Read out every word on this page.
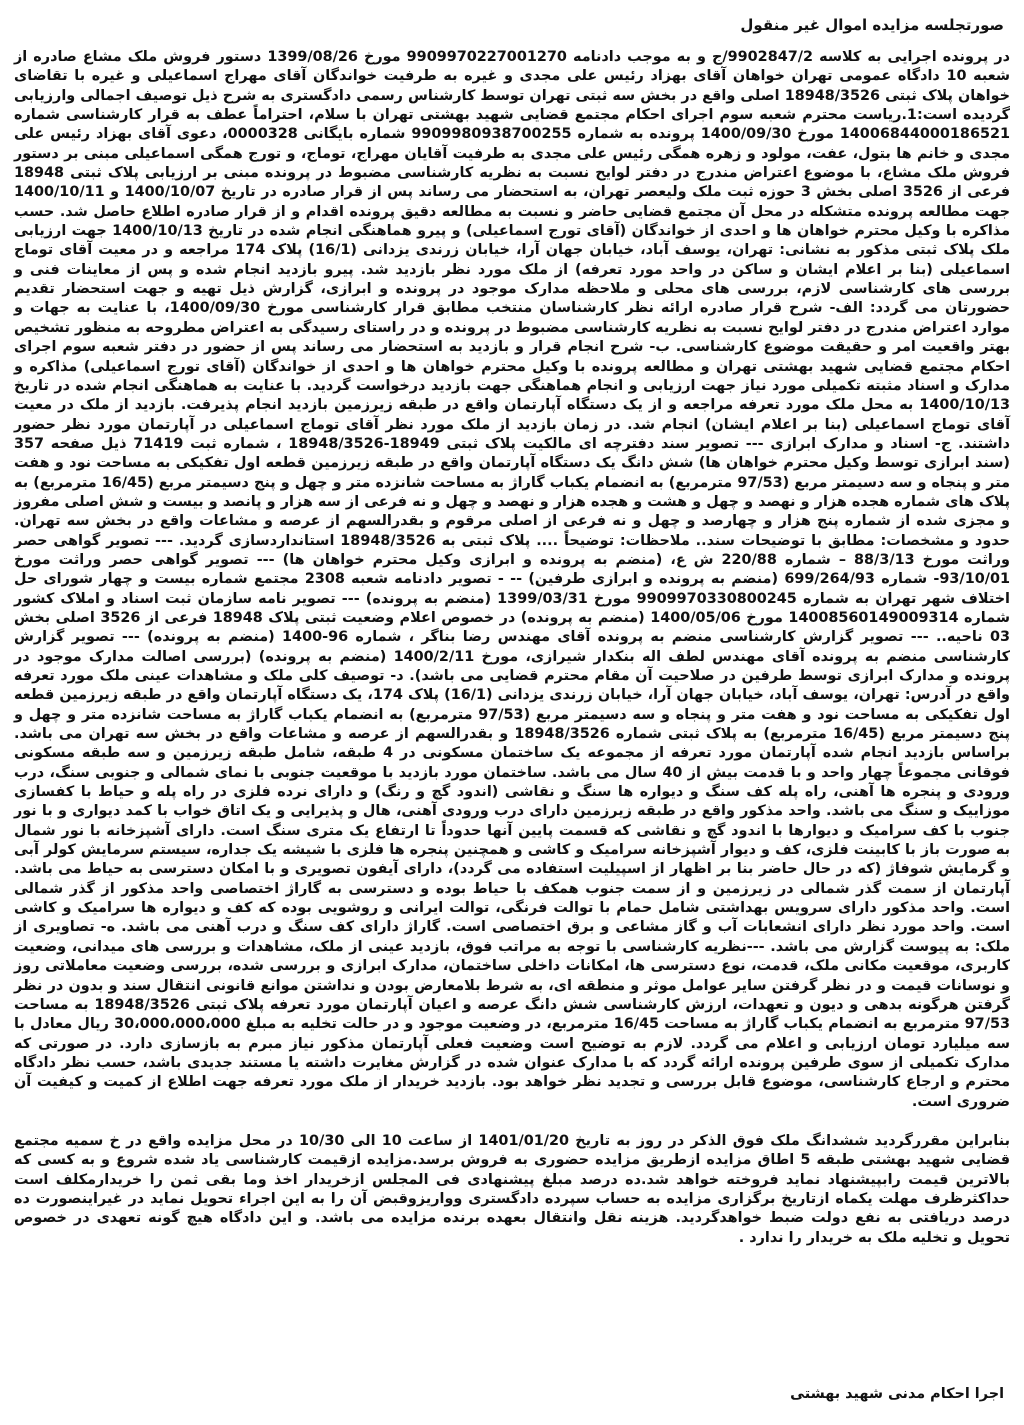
صورتجلسه مزایده اموال غیر منقول

در پرونده اجرایی به کلاسه 9902847/2/ج و به موجب دادنامه 9909970227001270 مورخ 1399/08/26 دستور فروش ملک مشاع صادره از شعبه 10 دادگاه عمومی تهران خواهان آقای بهزاد رئیس علی مجدی و غیره به طرفیت خواندگان آقای مهراج اسماعیلی و غیره با تقاضای خواهان پلاک ثبتی 18948/3526 اصلی واقع در بخش سه ثبتی تهران توسط کارشناس رسمی دادگستری به شرح ذیل توصیف اجمالی وارزیابی گردیده است:1.ریاست محترم شعبه سوم اجرای احکام مجتمع قضایی شهید بهشتی تهران با سلام، احتراماً عطف به قرار کارشناسی شماره 14006844000186521 مورخ 1400/09/30 پرونده به شماره 9909980938700255 شماره بایگانی 0000328، دعوی آقای بهزاد رئیس علی مجدی و خانم ها بتول، عفت، مولود و زهره همگی رئیس علی مجدی به طرفیت آقایان مهراج، توماج، و تورج همگی اسماعیلی مبنی بر دستور فروش ملک مشاع، با موضوع اعتراض مندرج در دفتر لوایح نسبت به نظریه کارشناسی مضبوط در پرونده مبنی بر ارزیابی پلاک ثبتی 18948 فرعی از 3526 اصلی بخش 3 حوزه ثبت ملک ولیعصر تهران، به استحضار می رساند پس از قرار صادره در تاریخ 1400/10/07 و 1400/10/11 جهت مطالعه پرونده متشکله در محل آن مجتمع قضایی حاضر و نسبت به مطالعه دقیق پرونده اقدام و از قرار صادره اطلاع حاصل شد. حسب مذاکره با وکیل محترم خواهان ها و احدی از خواندگان (آقای تورج اسماعیلی) و پیرو هماهنگی انجام شده در تاریخ 1400/10/13 جهت ارزیابی ملک پلاک ثبتی مذکور به نشانی: تهران، یوسف آباد، خیابان جهان آرا، خیابان زرندی یزدانی (16/1) پلاک 174 مراجعه و در معیت آقای توماج اسماعیلی (بنا بر اعلام ایشان و ساکن در واحد مورد تعرفه) از ملک مورد نظر بازدید شد. پیرو بازدید انجام شده و پس از معاینات فنی و بررسی های کارشناسی لازم، بررسی های محلی و ملاحظه مدارک موجود در پرونده و ابرازی، گزارش ذیل تهیه و جهت استحضار تقدیم حضورتان می گردد: الف- شرح قرار صادره ارائه نظر کارشناسان منتخب مطابق قرار کارشناسی مورخ 1400/09/30، با عنایت به جهات و موارد اعتراض مندرج در دفتر لوایح نسبت به نظریه کارشناسی مضبوط در پرونده و در راستای رسیدگی به اعتراض مطروحه به منظور تشخیص بهتر واقعیت امر و حقیقت موضوع کارشناسی. ب- شرح انجام قرار و بازدید به استحضار می رساند پس از حضور در دفتر شعبه سوم اجرای احکام مجتمع قضایی شهید بهشتی تهران و مطالعه پرونده با وکیل محترم خواهان ها و احدی از خواندگان (آقای تورج اسماعیلی) مذاکره و مدارک و اسناد مثبته تکمیلی مورد نیاز جهت ارزیابی و انجام هماهنگی جهت بازدید درخواست گردید. با عنایت به هماهنگی انجام شده در تاریخ 1400/10/13 به محل ملک مورد تعرفه مراجعه و از یک دستگاه آپارتمان واقع در طبقه زیرزمین بازدید انجام پذیرفت. بازدید از ملک در معیت آقای توماج اسماعیلی (بنا بر اعلام ایشان) انجام شد. در زمان بازدید از ملک مورد نظر آقای توماج اسماعیلی در آپارتمان مورد نظر حضور داشتند. ج- اسناد و مدارک ابرازی --- تصویر سند دفترچه ای مالکیت پلاک ثبتی 18949-18948/3526 ، شماره ثبت 71419 ذیل صفحه 357 (سند ابرازی توسط وکیل محترم خواهان ها) شش دانگ یک دستگاه آپارتمان واقع در طبقه زیرزمین قطعه اول تفکیکی به مساحت نود و هفت متر و پنجاه و سه دسیمتر مربع (97/53 مترمربع) به انضمام یکباب گاراژ به مساحت شانزده متر و چهل و پنج دسیمتر مربع (16/45 مترمربع) به پلاک های شماره هجده هزار و نهصد و چهل و هشت و هجده هزار و نهصد و چهل و نه فرعی از سه هزار و پانصد و بیست و شش اصلی مفروز و مجزی شده از شماره پنج هزار و چهارصد و چهل و نه فرعی از اصلی مرقوم و بقدرالسهم از عرصه و مشاعات واقع در بخش سه تهران. حدود و مشخصات: مطابق با توضیحات سند.. ملاحظات: توضیحاً .... پلاک ثبتی به 18948/3526 استانداردسازی گردید. --- تصویر گواهی حصر وراثت مورخ 88/3/13 – شماره 220/88 ش ع، (منضم به پرونده و ابرازی وکیل محترم خواهان ها) --- تصویر گواهی حصر وراثت مورخ 93/10/01- شماره 699/264/93 (منضم به پرونده و ابرازی طرفین) -- - تصویر دادنامه شعبه 2308 مجتمع شماره بیست و چهار شورای حل اختلاف شهر تهران به شماره 9909970330800245 مورخ 1399/03/31 (منضم به پرونده) --- تصویر نامه سازمان ثبت اسناد و املاک کشور شماره 14008560149009314 مورخ 1400/05/06 (منضم به پرونده) در خصوص اعلام وضعیت ثبتی پلاک 18948 فرعی از 3526 اصلی بخش 03 ناحیه.. --- تصویر گزارش کارشناسی منضم به پرونده آقای مهندس رضا بناگر ، شماره 96-1400 (منضم به پرونده) --- تصویر گزارش کارشناسی منضم به پرونده آقای مهندس لطف اله بنکدار شیرازی، مورخ 1400/2/11 (منضم به پرونده) (بررسی اصالت مدارک موجود در پرونده و مدارک ابرازی توسط طرفین در صلاحیت آن مقام محترم قضایی می باشد). د- توصیف کلی ملک و مشاهدات عینی ملک مورد تعرفه واقع در آدرس: تهران، یوسف آباد، خیابان جهان آرا، خیابان زرندی یزدانی (16/1) پلاک 174، یک دستگاه آپارتمان واقع در طبقه زیرزمین قطعه اول تفکیکی به مساحت نود و هفت متر و پنجاه و سه دسیمتر مربع (97/53 مترمربع) به انضمام یکباب گاراژ به مساحت شانزده متر و چهل و پنج دسیمتر مربع (16/45 مترمربع) به پلاک ثبتی شماره 18948/3526 و بقدرالسهم از عرصه و مشاعات واقع در بخش سه تهران می باشد. براساس بازدید انجام شده آپارتمان مورد تعرفه از مجموعه یک ساختمان مسکونی در 4 طبقه، شامل طبقه زیرزمین و سه طبقه مسکونی فوقانی مجموعاً چهار واحد و با قدمت بیش از 40 سال می باشد. ساختمان مورد بازدید با موقعیت جنوبی با نمای شمالی و جنوبی سنگ، درب ورودی و پنجره ها آهنی، راه پله کف سنگ و دیواره ها سنگ و نقاشی (اندود گچ و رنگ) و دارای نرده فلزی در راه پله و حیاط با کفسازی موزاییک و سنگ می باشد. واحد مذکور واقع در طبقه زیرزمین دارای درب ورودی آهنی، هال و پذیرایی و یک اتاق خواب با کمد دیواری و با نور جنوب با کف سرامیک و دیوارها با اندود گچ و نقاشی که قسمت پایین آنها حدوداً تا ارتفاع یک متری سنگ است. دارای آشپزخانه با نور شمال به صورت باز با کابینت فلزی، کف و دیوار آشپزخانه سرامیک و کاشی و همچنین پنجره ها فلزی با شیشه یک جداره، سیستم سرمایش کولر آبی و گرمایش شوفاژ (که در حال حاضر بنا بر اظهار از اسپیلیت استفاده می گردد)، دارای آیفون تصویری و با امکان دسترسی به حیاط می باشد. آپارتمان از سمت گذر شمالی در زیرزمین و از سمت جنوب همکف با حیاط بوده و دسترسی به گاراژ اختصاصی واحد مذکور از گذر شمالی است. واحد مذکور دارای سرویس بهداشتی شامل حمام با توالت فرنگی، توالت ایرانی و روشویی بوده که کف و دیواره ها سرامیک و کاشی است. واحد مورد نظر دارای انشعابات آب و گاز مشاعی و برق اختصاصی است. گاراژ دارای کف سنگ و درب آهنی می باشد. ه- تصاویری از ملک: به پیوست گزارش می باشد. ---نظریه کارشناسی با توجه به مراتب فوق، بازدید عینی از ملک، مشاهدات و بررسی های میدانی، وضعیت کاربری، موقعیت مکانی ملک، قدمت، نوع دسترسی ها، امکانات داخلی ساختمان، مدارک ابرازی و بررسی شده، بررسی وضعیت معاملاتی روز و نوسانات قیمت و در نظر گرفتن سایر عوامل موثر و منطقه ای، به شرط بلامعارض بودن و نداشتن موانع قانونی انتقال سند و بدون در نظر گرفتن هرگونه بدهی و دیون و تعهدات، ارزش کارشناسی شش دانگ عرصه و اعیان آپارتمان مورد تعرفه پلاک ثبتی 18948/3526 به مساحت 97/53 مترمربع به انضمام یکباب گاراژ به مساحت 16/45 مترمربع، در وضعیت موجود و در حالت تخلیه به مبلغ 30،000،000،000 ریال معادل با سه میلیارد تومان ارزیابی و اعلام می گردد. لازم به توضیح است وضعیت فعلی آپارتمان مذکور نیاز مبرم به بازسازی دارد. در صورتی که مدارک تکمیلی از سوی طرفین پرونده ارائه گردد که با مدارک عنوان شده در گزارش مغایرت داشته یا مستند جدیدی باشد، حسب نظر دادگاه محترم و ارجاع کارشناسی، موضوع قابل بررسی و تجدید نظر خواهد بود. بازدید خریدار از ملک مورد تعرفه جهت اطلاع از کمیت و کیفیت آن ضروری است.

بنابراین مقررگردید ششدانگ ملک فوق الذکر در روز به تاریخ 1401/01/20 از ساعت 10 الی 10/30 در محل مزایده واقع در خ سمیه مجتمع قضایی شهید بهشتی طبقه 5 اطاق مزایده ازطریق مزایده حضوری به فروش برسد.مزایده ازقیمت کارشناسی یاد شده شروع و به کسی که بالاترین قیمت رابپیشنهاد نماید فروخته خواهد شد.ده درصد مبلغ پیشنهادی فی المجلس ازخریدار اخذ وما بقی ثمن را خریدارمکلف است حداکثرظرف مهلت یکماه ازتاریخ برگزاری مزایده به حساب سپرده دادگستری وواریزوقبض آن را به این اجراء تحویل نماید در غیراینصورت ده درصد دریافتی به نفع دولت ضبط خواهدگردید. هزینه نقل وانتقال بعهده برنده مزایده می باشد. و این دادگاه هیچ گونه تعهدی در خصوص تحویل و تخلیه ملک به خریدار را ندارد .

اجرا احکام مدنی شهید بهشتی
